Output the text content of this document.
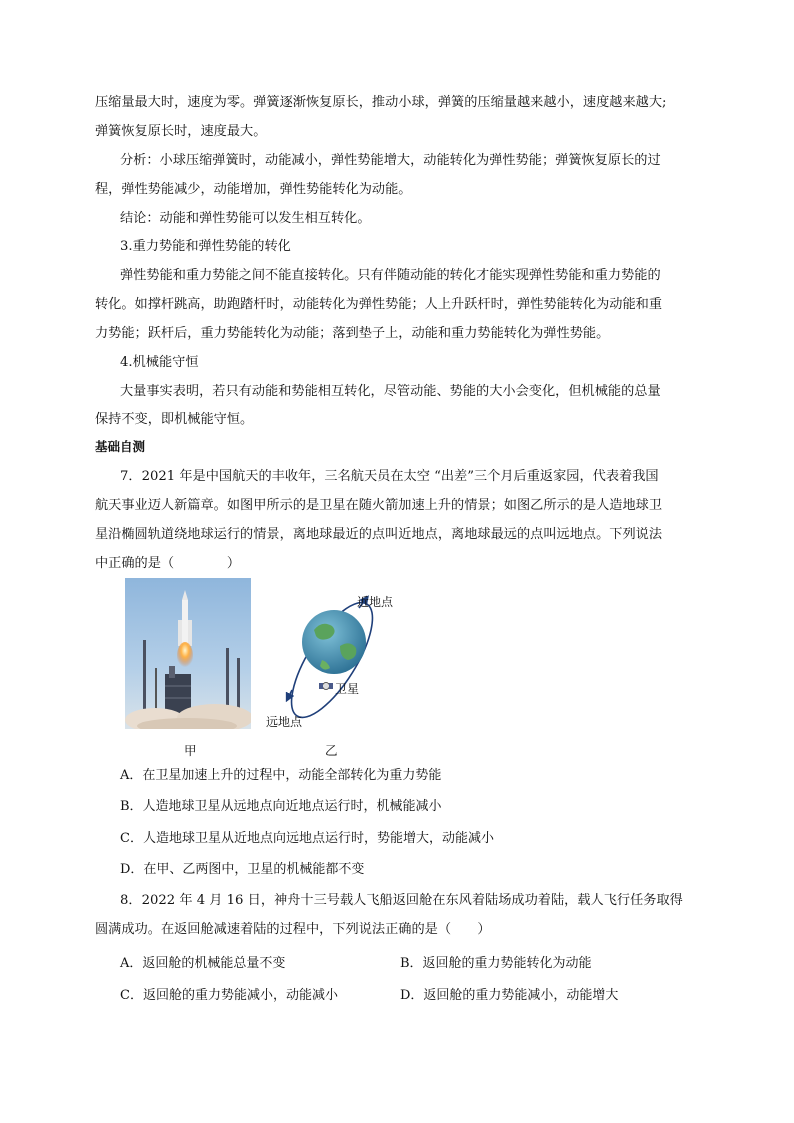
压缩量最大时，速度为零。弹簧逐渐恢复原长，推动小球，弹簧的压缩量越来越小，速度越来越大;
弹簧恢复原长时，速度最大。
分析：小球压缩弹簧时，动能减小，弹性势能增大，动能转化为弹性势能；弹簧恢复原长的过
程，弹性势能减少，动能增加，弹性势能转化为动能。
结论：动能和弹性势能可以发生相互转化。
3.重力势能和弹性势能的转化
弹性势能和重力势能之间不能直接转化。只有伴随动能的转化才能实现弹性势能和重力势能的
转化。如撑杆跳高，助跑踏杆时，动能转化为弹性势能；人上升跃杆时，弹性势能转化为动能和重
力势能；跃杆后，重力势能转化为动能；落到垫子上，动能和重力势能转化为弹性势能。
4.机械能守恒
大量事实表明，若只有动能和势能相互转化，尽管动能、势能的大小会变化，但机械能的总量
保持不变，即机械能守恒。
基础自测
7．2021 年是中国航天的丰收年，三名航天员在太空 “出差”三个月后重返家园，代表着我国
航天事业迈人新篇章。如图甲所示的是卫星在随火箭加速上升的情景；如图乙所示的是人造地球卫
星沿椭圆轨道绕地球运行的情景，离地球最近的点叫近地点，离地球最远的点叫远地点。下列说法
中正确的是（　　　　）
近地点
卫星
远地点
甲	乙
A．在卫星加速上升的过程中，动能全部转化为重力势能
B．人造地球卫星从远地点向近地点运行时，机械能减小
C．人造地球卫星从近地点向远地点运行时，势能增大，动能减小
D．在甲、乙两图中，卫星的机械能都不变
8．2022 年 4 月 16 日，神舟十三号载人飞船返回舱在东风着陆场成功着陆，载人飞行任务取得
圆满成功。在返回舱减速着陆的过程中，下列说法正确的是（　　）
A．返回舱的机械能总量不变	B．返回舱的重力势能转化为动能
C．返回舱的重力势能减小，动能减小	D．返回舱的重力势能减小，动能增大
